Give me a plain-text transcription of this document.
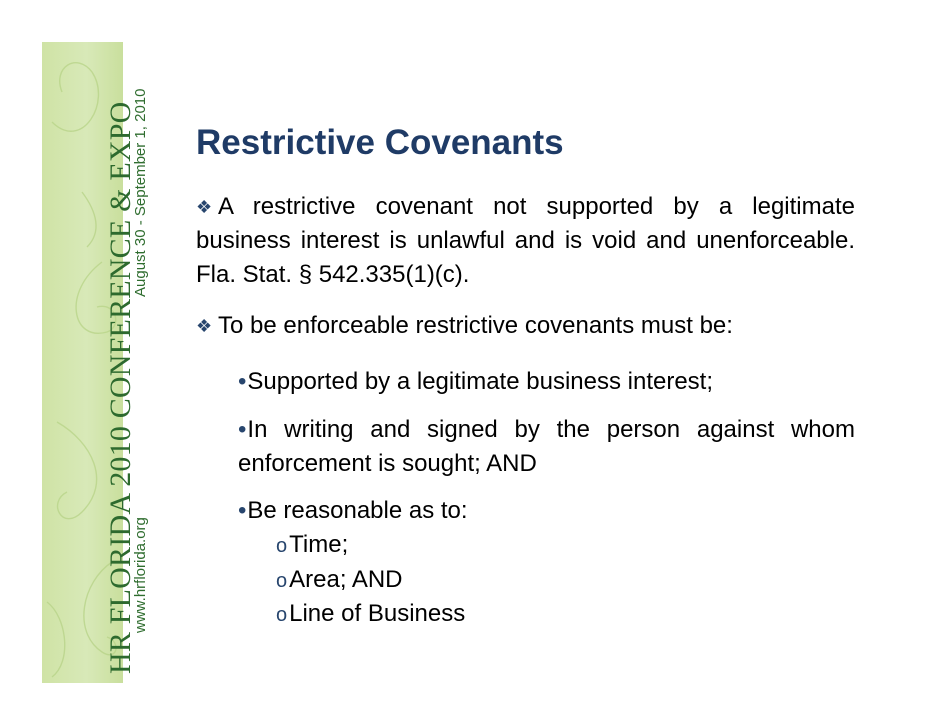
HR FLORIDA 2010 CONFERENCE & EXPO
August 30 - September 1, 2010
www.hrflorida.org
Restrictive Covenants
❖ A restrictive covenant not supported by a legitimate business interest is unlawful and is void and unenforceable. Fla. Stat. § 542.335(1)(c).
❖ To be enforceable restrictive covenants must be:
•Supported by a legitimate business interest;
•In writing and signed by the person against whom enforcement is sought; AND
•Be reasonable as to:
oTime;
oArea; AND
oLine of Business
